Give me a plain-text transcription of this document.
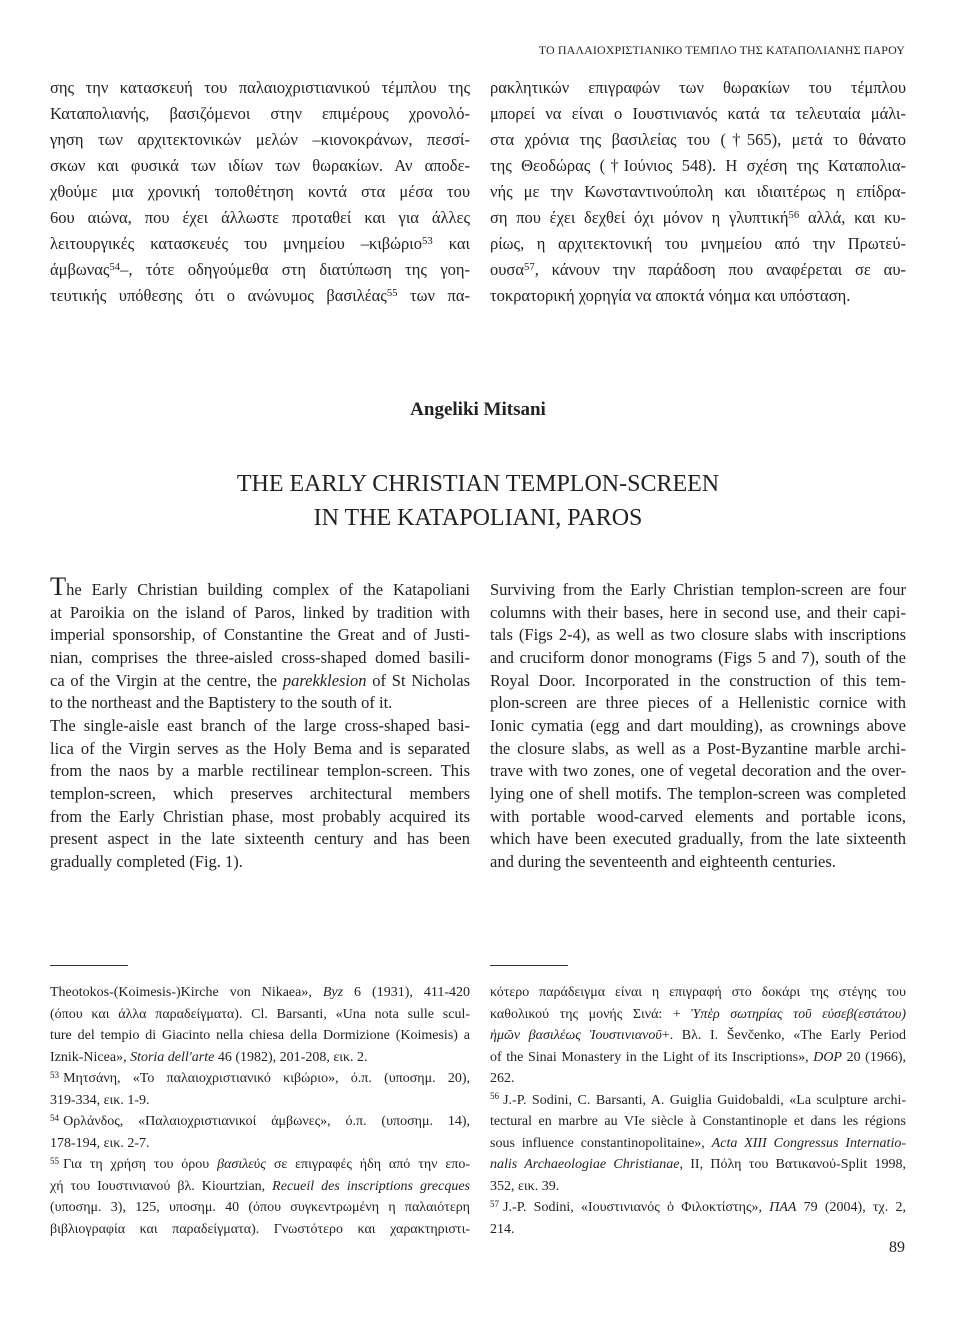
ΤΟ ΠΑΛΑΙΟΧΡΙΣΤΙΑΝΙΚΟ ΤΕΜΠΛΟ ΤΗΣ ΚΑΤΑΠΟΛΙΑΝΗΣ ΠΑΡΟΥ
σης την κατασκευή του παλαιοχριστιανικού τέμπλου της
Καταπολιανής, βασιζόμενοι στην επιμέρους χρονολό-
γηση των αρχιτεκτονικών μελών –κιονοκράνων, πεσσί-
σκων και φυσικά των ιδίων των θωρακίων. Αν αποδε-
χθούμε μια χρονική τοποθέτηση κοντά στα μέσα του
6ου αιώνα, που έχει άλλωστε προταθεί και για άλλες
λειτουργικές κατασκευές του μνημείου –κιβώριο$^{53}$ και
άμβωνας$^{54}$–, τότε οδηγούμεθα στη διατύπωση της γοη-
τευτικής υπόθεσης ότι ο ανώνυμος βασιλέας$^{55}$ των πα-
ρακλητικών επιγραφών των θωρακίων του τέμπλου
μπορεί να είναι ο Ιουστινιανός κατά τα τελευταία μάλι-
στα χρόνια της βασιλείας του (†565), μετά το θάνατο
της Θεοδώρας (†Ιούνιος 548). Η σχέση της Καταπολια-
νής με την Κωνσταντινούπολη και ιδιαιτέρως η επίδρα-
ση που έχει δεχθεί όχι μόνον η γλυπτική$^{56}$ αλλά, και κυ-
ρίως, η αρχιτεκτονική του μνημείου από την Πρωτεύ-
ουσα$^{57}$, κάνουν την παράδοση που αναφέρεται σε αυ-
τοκρατορική χορηγία να αποκτά νόημα και υπόσταση.
Angeliki Mitsani
THE EARLY CHRISTIAN TEMPLON-SCREEN
IN THE KATAPOLIANI, PAROS
The Early Christian building complex of the Katapoliani
at Paroikia on the island of Paros, linked by tradition with
imperial sponsorship, of Constantine the Great and of Justi-
nian, comprises the three-aisled cross-shaped domed basili-
ca of the Virgin at the centre, the parekklesion of St Nicholas
to the northeast and the Baptistery to the south of it.
The single-aisle east branch of the large cross-shaped basi-
lica of the Virgin serves as the Holy Bema and is separated
from the naos by a marble rectilinear templon-screen. This
templon-screen, which preserves architectural members
from the Early Christian phase, most probably acquired its
present aspect in the late sixteenth century and has been
gradually completed (Fig. 1).
Surviving from the Early Christian templon-screen are four
columns with their bases, here in second use, and their capi-
tals (Figs 2-4), as well as two closure slabs with inscriptions
and cruciform donor monograms (Figs 5 and 7), south of the
Royal Door. Incorporated in the construction of this tem-
plon-screen are three pieces of a Hellenistic cornice with
Ionic cymatia (egg and dart moulding), as crownings above
the closure slabs, as well as a Post-Byzantine marble archi-
trave with two zones, one of vegetal decoration and the over-
lying one of shell motifs. The templon-screen was completed
with portable wood-carved elements and portable icons,
which have been executed gradually, from the late sixteenth
and during the seventeenth and eighteenth centuries.
Theotokos-(Koimesis-)Kirche von Nikaea», Byz 6 (1931), 411-420
(όπου και άλλα παραδείγματα). Cl. Barsanti, «Una nota sulle scul-
ture del tempio di Giacinto nella chiesa della Dormizione (Koimesis) a
Iznik-Nicea», Storia dell'arte 46 (1982), 201-208, εικ. 2.
$^{53}$ Μητσάνη, «Το παλαιοχριστιανικό κιβώριο», ό.π. (υποσημ. 20),
319-334, εικ. 1-9.
$^{54}$ Ορλάνδος, «Παλαιοχριστιανικοί άμβωνες», ό.π. (υποσημ. 14),
178-194, εικ. 2-7.
$^{55}$ Για τη χρήση του όρου βασιλεύς σε επιγραφές ήδη από την επο-
χή του Ιουστινιανού βλ. Kiourtzian, Recueil des inscriptions grecques
(υποσημ. 3), 125, υποσημ. 40 (όπου συγκεντρωμένη η παλαιότερη
βιβλιογραφία και παραδείγματα). Γνωστότερο και χαρακτηριστι-
κότερο παράδειγμα είναι η επιγραφή στο δοκάρι της στέγης του
καθολικού της μονής Σινά: + Ὑπὲρ σωτηρίας τοῦ εὐσεβ(εστάτου)
ἡμῶν βασιλέως Ἰουστινιανοῦ+. Βλ. I. Ševčenko, «The Early Period
of the Sinai Monastery in the Light of its Inscriptions», DOP 20 (1966),
262.
$^{56}$ J.-P. Sodini, C. Barsanti, A. Guiglia Guidobaldi, «La sculpture archi-
tectural en marbre au VIe siècle à Constantinople et dans les régions
sous influence constantinopolitaine», Acta XIII Congressus Internatio-
nalis Archaeologiae Christianae, II, Πόλη του Βατικανού-Split 1998,
352, εικ. 39.
$^{57}$ J.-P. Sodini, «Ιουστινιανός ὁ Φιλοκτίστης», ΠΑΑ 79 (2004), τχ. 2,
214.
89
